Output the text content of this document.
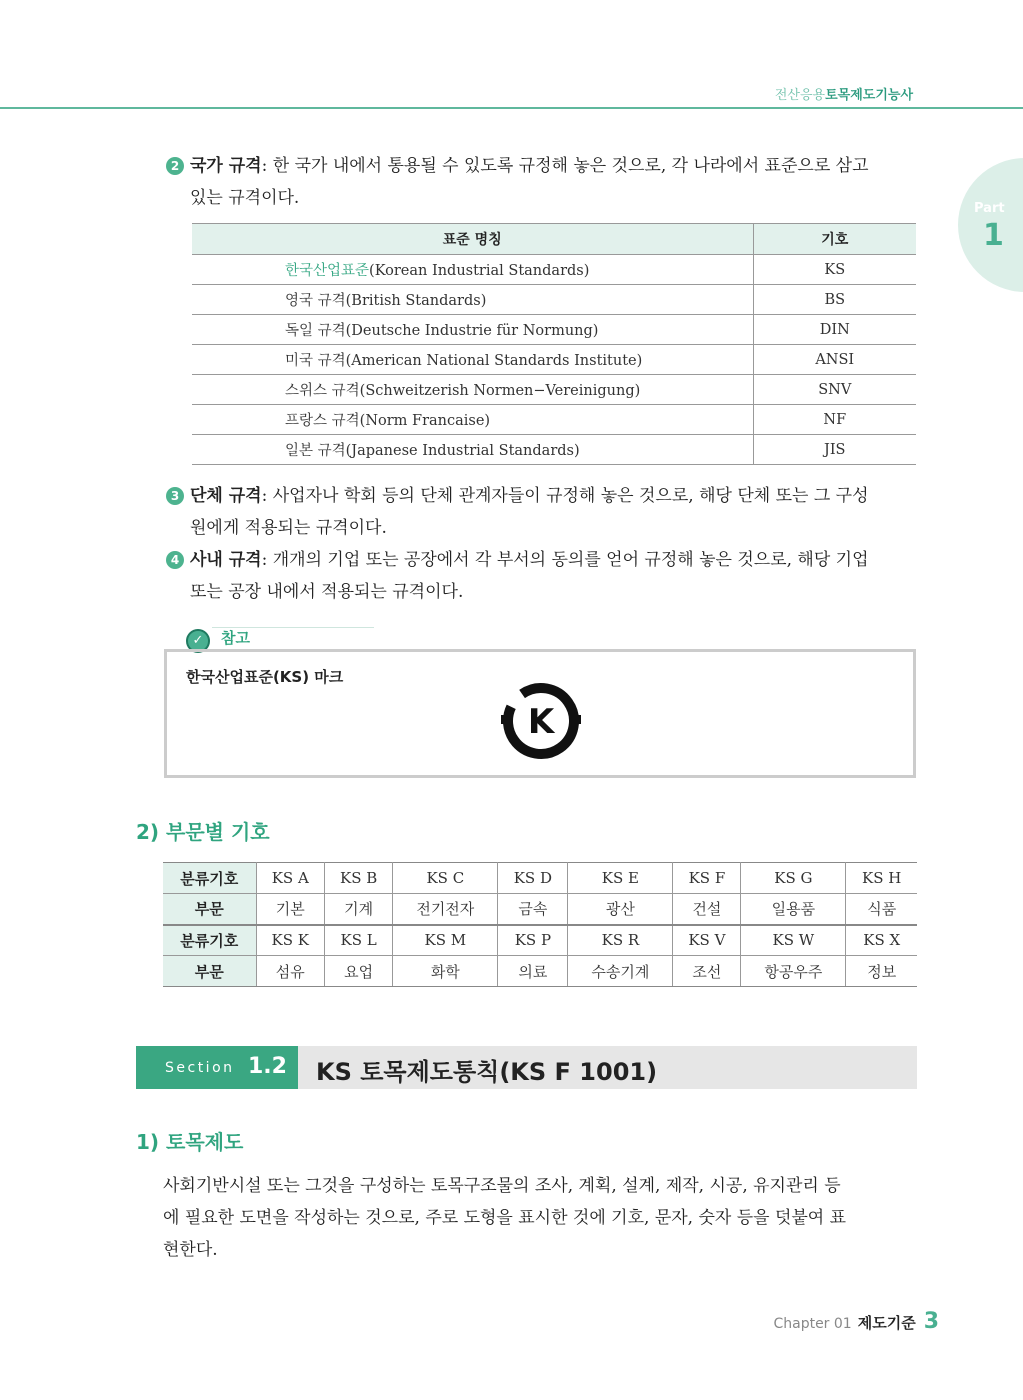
전산응용토목제도기능사
Part
1
2 국가 규격: 한 국가 내에서 통용될 수 있도록 규정해 놓은 것으로, 각 나라에서 표준으로 삼고
있는 규격이다.
표준 명칭	기호
한국산업표준(Korean Industrial Standards)	KS
영국 규격(British Standards)	BS
독일 규격(Deutsche Industrie für Normung)	DIN
미국 규격(American National Standards Institute)	ANSI
스위스 규격(Schweitzerish Normen−Vereinigung)	SNV
프랑스 규격(Norm Francaise)	NF
일본 규격(Japanese Industrial Standards)	JIS
3 단체 규격: 사업자나 학회 등의 단체 관계자들이 규정해 놓은 것으로, 해당 단체 또는 그 구성
원에게 적용되는 규격이다.
4 사내 규격: 개개의 기업 또는 공장에서 각 부서의 동의를 얻어 규정해 놓은 것으로, 해당 기업
또는 공장 내에서 적용되는 규격이다.
✓	참고
한국산업표준(KS) 마크
K
2) 부문별 기호
분류기호	KS A	KS B	KS C	KS D	KS E	KS F	KS G	KS H
부문	기본	기계	전기전자	금속	광산	건설	일용품	식품
분류기호	KS K	KS L	KS M	KS P	KS R	KS V	KS W	KS X
부문	섬유	요업	화학	의료	수송기계	조선	항공우주	정보
Section 1.2 KS 토목제도통칙(KS F 1001)
1) 토목제도
사회기반시설 또는 그것을 구성하는 토목구조물의 조사, 계획, 설계, 제작, 시공, 유지관리 등
에 필요한 도면을 작성하는 것으로, 주로 도형을 표시한 것에 기호, 문자, 숫자 등을 덧붙여 표
현한다.
Chapter 01 제도기준 3
